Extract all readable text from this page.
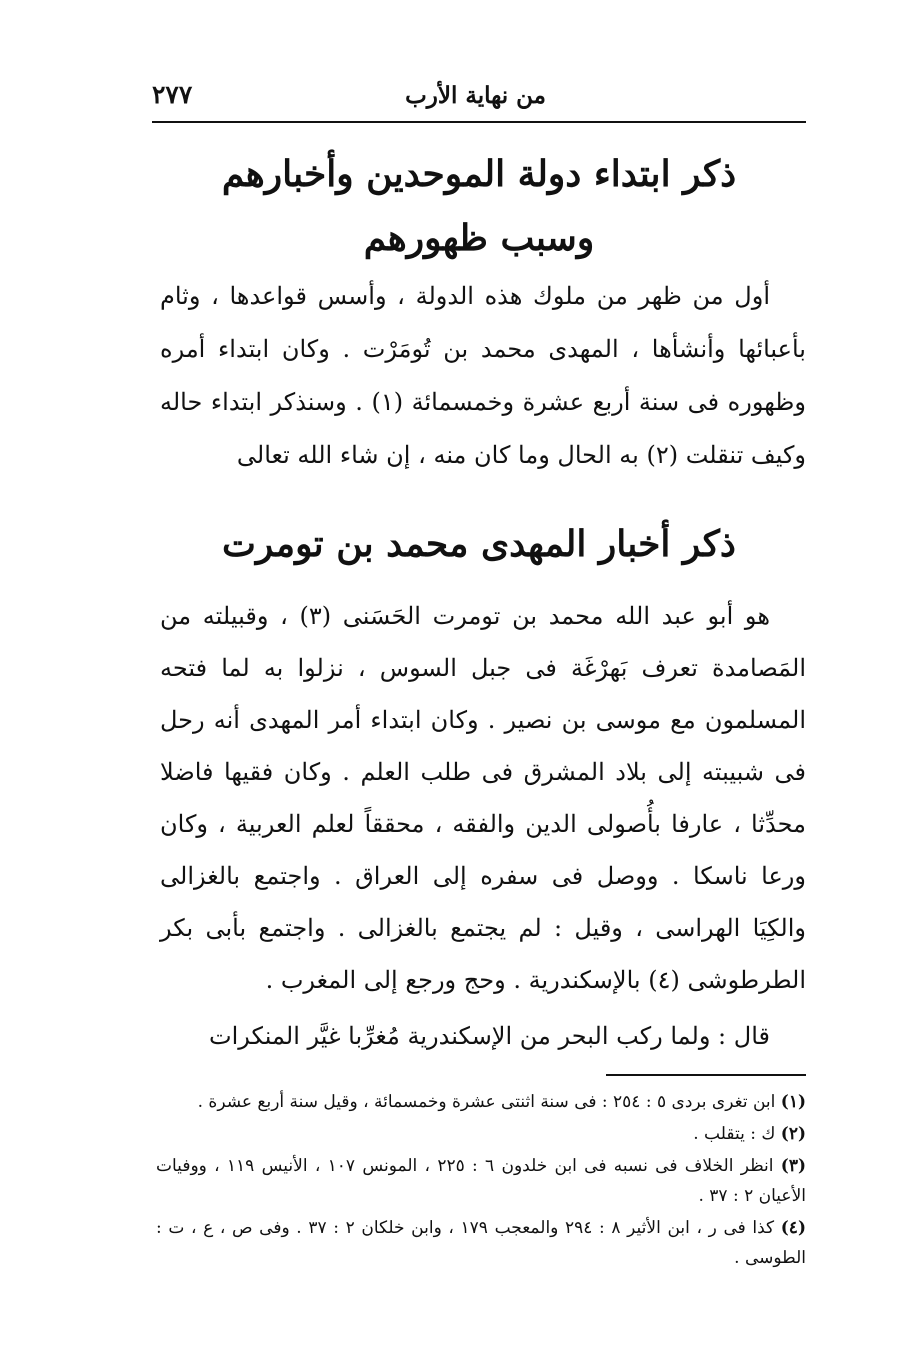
من نهاية الأرب
٢٧٧
ذكر ابتداء دولة الموحدين وأخبارهم
وسبب ظهورهم

أول من ظهر من ملوك هذه الدولة ، وأسس قواعدها ، وثام بأعبائها وأنشأها ، المهدى محمد بن تُومَرْت . وكان ابتداء أمره وظهوره فى سنة أربع عشرة وخمسمائة (١) . وسنذكر ابتداء حاله وكيف تنقلت (٢) به الحال وما كان منه ، إن شاء الله تعالى

ذكر أخبار المهدى محمد بن تومرت

هو أبو عبد الله محمد بن تومرت الحَسَنى (٣) ، وقبيلته من المَصامدة تعرف بَهرْغَة فى جبل السوس ، نزلوا به لما فتحه المسلمون مع موسى بن نصير . وكان ابتداء أمر المهدى أنه رحل فى شبيبته إلى بلاد المشرق فى طلب العلم . وكان فقيها فاضلا محدِّثا ، عارفا بأُصولى الدين والفقه ، محققاً لعلم العربية ، وكان ورعا ناسكا . ووصل فى سفره إلى العراق . واجتمع بالغزالى والكِيَا الهراسى ، وقيل : لم يجتمع بالغزالى . واجتمع بأبى بكر الطرطوشى (٤) بالإسكندرية . وحج ورجع إلى المغرب .

قال : ولما ركب البحر من الإسكندرية مُغرِّبا غيَّر المنكرات

(١) ابن تغرى بردى ٥ : ٢٥٤ : فى سنة اثنتى عشرة وخمسمائة ، وقيل سنة أربع عشرة .
(٢) ك : يتقلب .
(٣) انظر الخلاف فى نسبه فى ابن خلدون ٦ : ٢٢٥ ، المونس ١٠٧ ، الأنيس ١١٩ ، ووفيات الأعيان ٢ : ٣٧ .
(٤) كذا فى ر ، ابن الأثير ٨ : ٢٩٤ والمعجب ١٧٩ ، وابن خلكان ٢ : ٣٧ . وفى ص ، ع ، ت : الطوسى .
